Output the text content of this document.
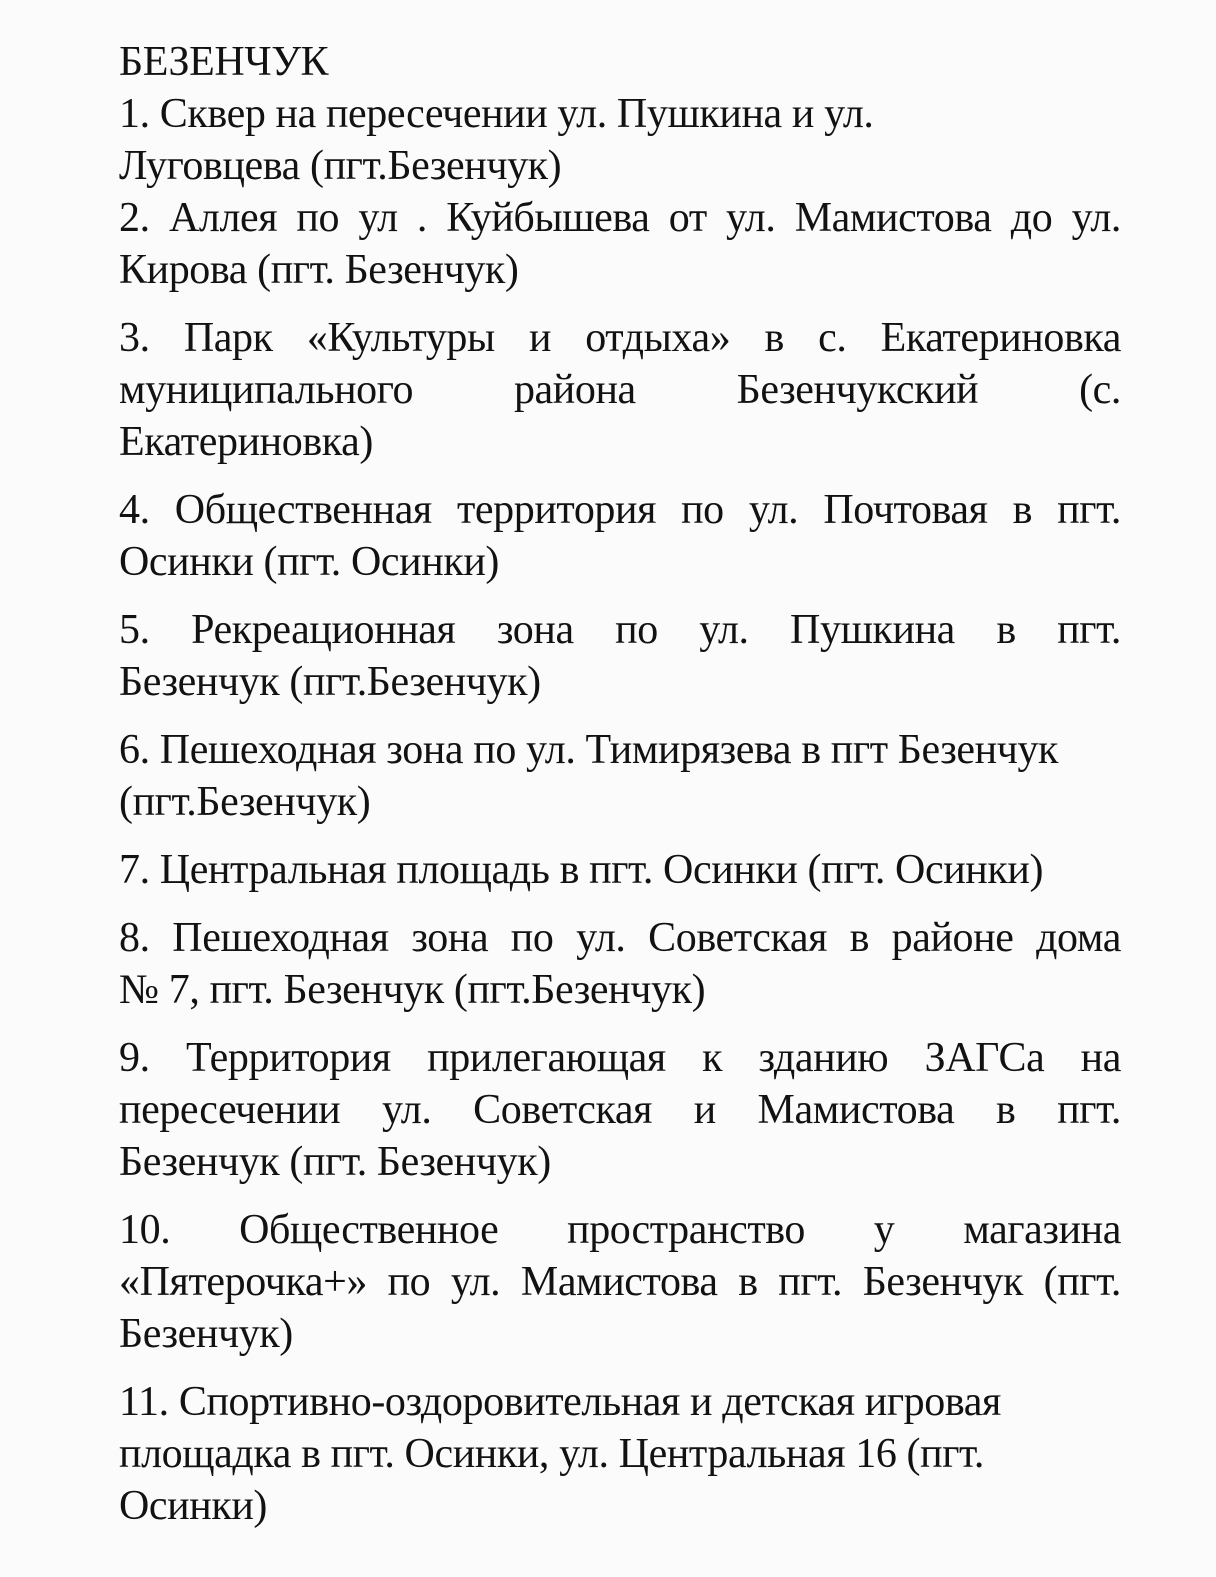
БЕЗЕНЧУК
1. Сквер на пересечении ул. Пушкина и ул.
Луговцева (пгт.Безенчук)
2. Аллея по ул . Куйбышева от ул. Мамистова до ул.
Кирова (пгт. Безенчук)
3. Парк «Культуры и отдыха» в с. Екатериновка
муниципального района Безенчукский (с.
Екатериновка)
4. Общественная территория по ул. Почтовая в пгт.
Осинки (пгт. Осинки)
5. Рекреационная зона по ул. Пушкина в пгт.
Безенчук (пгт.Безенчук)
6. Пешеходная зона по ул. Тимирязева в пгт Безенчук
(пгт.Безенчук)
7. Центральная площадь в пгт. Осинки (пгт. Осинки)
8. Пешеходная зона по ул. Советская в районе дома
№ 7, пгт. Безенчук (пгт.Безенчук)
9. Территория прилегающая к зданию ЗАГСа на
пересечении ул. Советская и Мамистова в пгт.
Безенчук (пгт. Безенчук)
10. Общественное пространство у магазина
«Пятерочка+» по ул. Мамистова в пгт. Безенчук (пгт.
Безенчук)
11. Спортивно-оздоровительная и детская игровая
площадка в пгт. Осинки, ул. Центральная 16 (пгт.
Осинки)
